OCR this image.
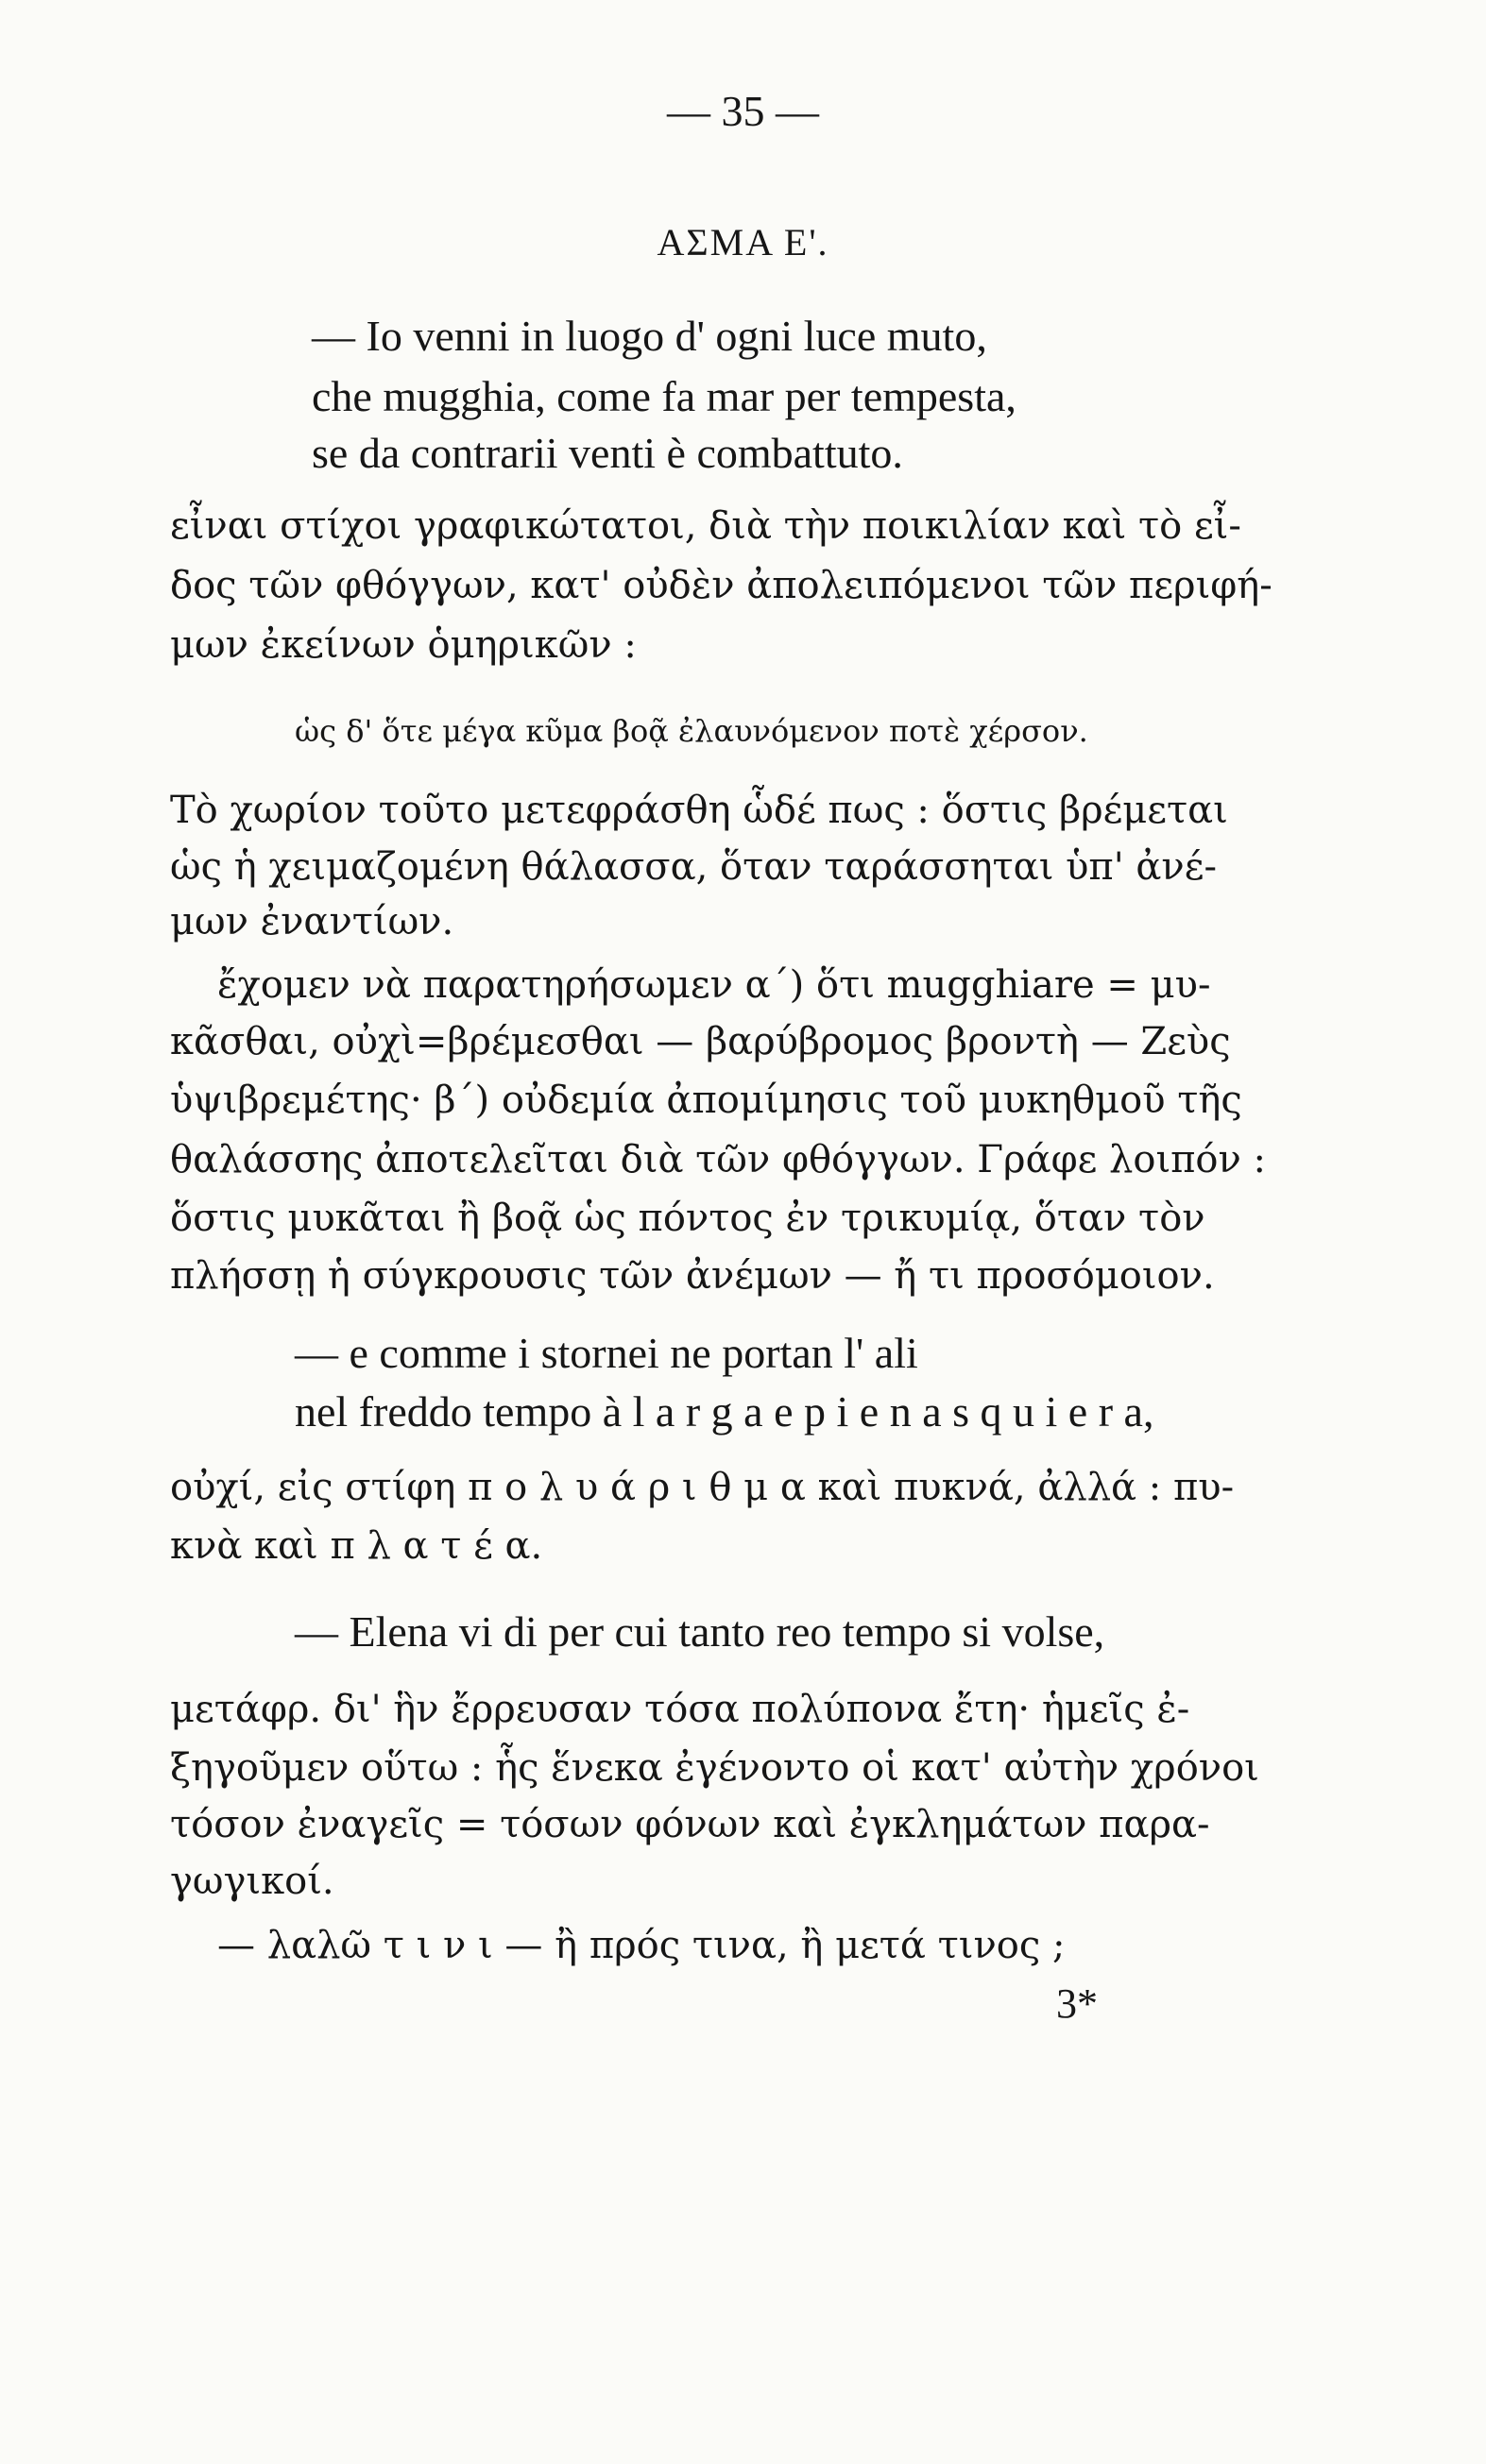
— 35 —
ΑΣΜΑ Ε'.
— Io venni in luogo d' ogni luce muto,
che mugghia, come fa mar per tempesta,
se da contrarii venti è combattuto.
εἶναι στίχοι γραφικώτατοι, διὰ τὴν ποικιλίαν καὶ τὸ εἶ-
δος τῶν φθόγγων, κατ' οὐδὲν ἀπολειπόμενοι τῶν περιφή-
μων ἐκείνων ὁμηρικῶν :
ὡς δ' ὅτε μέγα κῦμα βοᾷ ἐλαυνόμενον ποτὲ χέρσον.
Τὸ χωρίον τοῦτο μετεφράσθη ὧδέ πως : ὅστις βρέμεται
ὡς ἡ χειμαζομένη θάλασσα, ὅταν ταράσσηται ὑπ' ἀνέ-
μων ἐναντίων.
ἔχομεν νὰ παρατηρήσωμεν α΄) ὅτι mugghiare = μυ-
κᾶσθαι, οὐχὶ=βρέμεσθαι — βαρύβρομος βροντὴ — Ζεὺς
ὑψιβρεμέτης· β΄) οὐδεμία ἀπομίμησις τοῦ μυκηθμοῦ τῆς
θαλάσσης ἀποτελεῖται διὰ τῶν φθόγγων. Γράφε λοιπόν :
ὅστις μυκᾶται ἢ βοᾷ ὡς πόντος ἐν τρικυμίᾳ, ὅταν τὸν
πλήσσῃ ἡ σύγκρουσις τῶν ἀνέμων — ἤ τι προσόμοιον.
— e comme i stornei ne portan l' ali
nel freddo tempo à l a r g a e p i e n a s q u i e r a,
οὐχί, εἰς στίφη π ο λ υ ά ρ ι θ μ α καὶ πυκνά, ἀλλά : πυ-
κνὰ καὶ π λ α τ έ α.
— Elena vi di per cui tanto reo tempo si volse,
μετάφρ. δι' ἣν ἔρρευσαν τόσα πολύπονα ἔτη· ἡμεῖς ἐ-
ξηγοῦμεν οὕτω : ἧς ἕνεκα ἐγένοντο οἱ κατ' αὐτὴν χρόνοι
τόσον ἐναγεῖς = τόσων φόνων καὶ ἐγκλημάτων παρα-
γωγικοί.
— λαλῶ τ ι ν ι — ἢ πρός τινα, ἢ μετά τινος ;
3*
